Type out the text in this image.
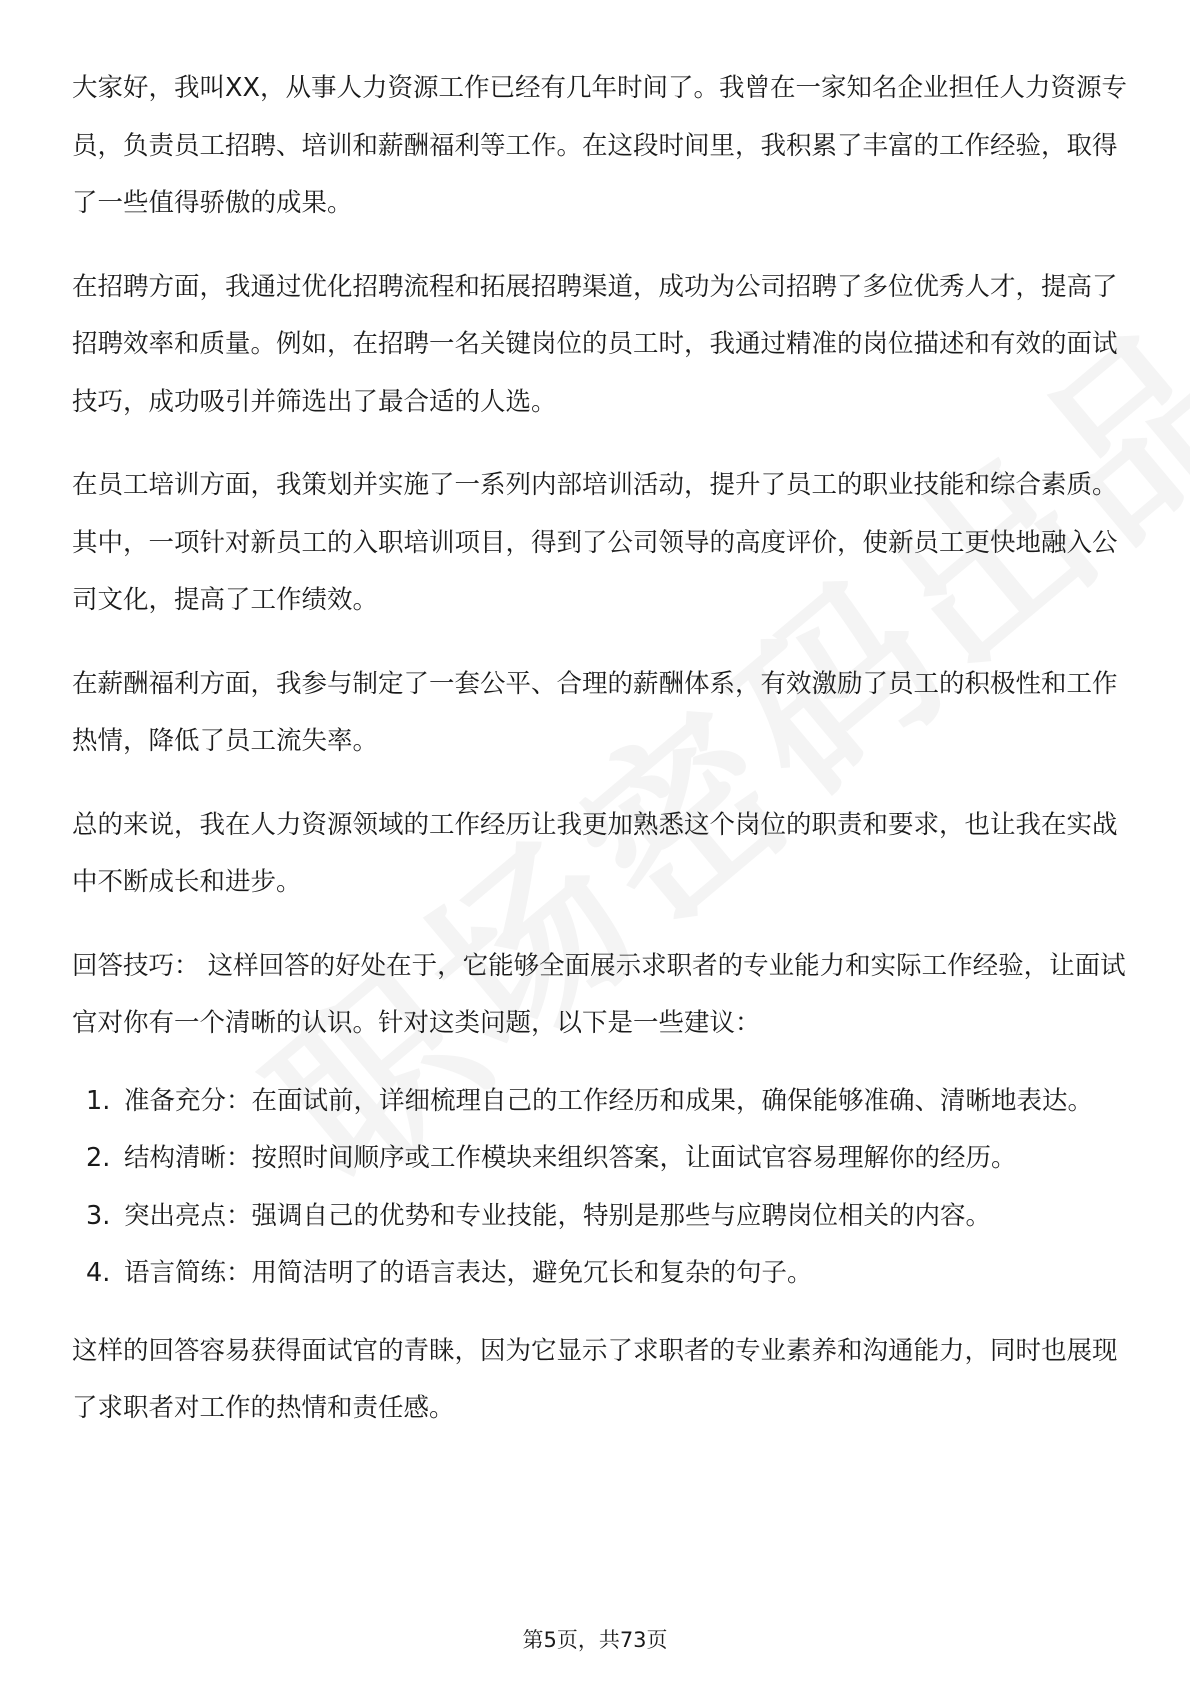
大家好，我叫XX，从事人力资源工作已经有几年时间了。我曾在一家知名企业担任人力资源专员，负责员工招聘、培训和薪酬福利等工作。在这段时间里，我积累了丰富的工作经验，取得了一些值得骄傲的成果。

在招聘方面，我通过优化招聘流程和拓展招聘渠道，成功为公司招聘了多位优秀人才，提高了招聘效率和质量。例如，在招聘一名关键岗位的员工时，我通过精准的岗位描述和有效的面试技巧，成功吸引并筛选出了最合适的人选。

在员工培训方面，我策划并实施了一系列内部培训活动，提升了员工的职业技能和综合素质。其中，一项针对新员工的入职培训项目，得到了公司领导的高度评价，使新员工更快地融入公司文化，提高了工作绩效。

在薪酬福利方面，我参与制定了一套公平、合理的薪酬体系，有效激励了员工的积极性和工作热情，降低了员工流失率。

总的来说，我在人力资源领域的工作经历让我更加熟悉这个岗位的职责和要求，也让我在实战中不断成长和进步。

回答技巧： 这样回答的好处在于，它能够全面展示求职者的专业能力和实际工作经验，让面试官对你有一个清晰的认识。针对这类问题，以下是一些建议：

1. 准备充分：在面试前，详细梳理自己的工作经历和成果，确保能够准确、清晰地表达。
2. 结构清晰：按照时间顺序或工作模块来组织答案，让面试官容易理解你的经历。
3. 突出亮点：强调自己的优势和专业技能，特别是那些与应聘岗位相关的内容。
4. 语言简练：用简洁明了的语言表达，避免冗长和复杂的句子。

这样的回答容易获得面试官的青睐，因为它显示了求职者的专业素养和沟通能力，同时也展现了求职者对工作的热情和责任感。

第5页，共73页
